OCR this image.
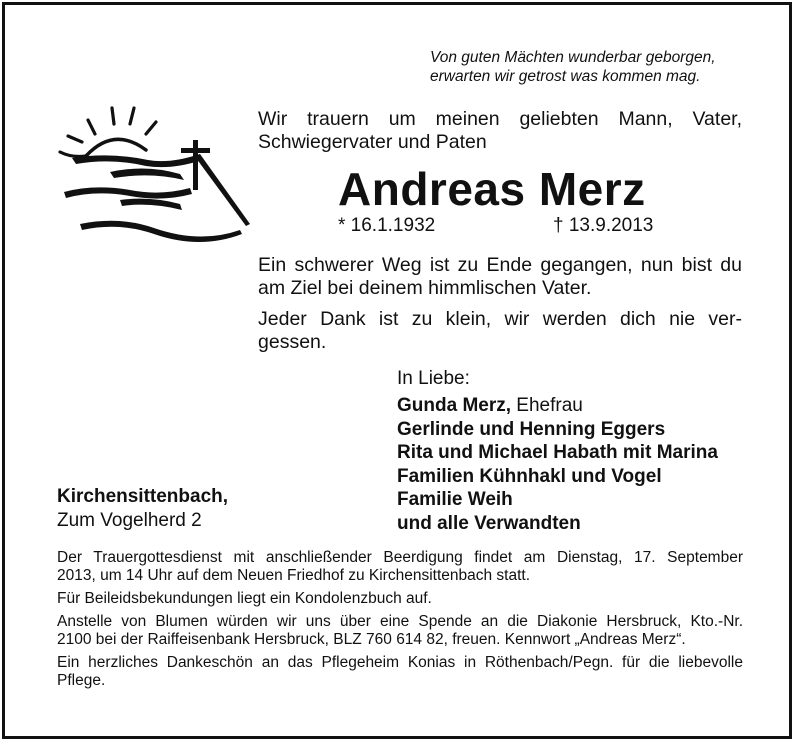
Von guten Mächten wunderbar geborgen,
erwarten wir getrost was kommen mag.
Wir trauern um meinen geliebten Mann, Vater,
Schwiegervater und Paten
Andreas Merz
* 16.1.1932	† 13.9.2013

Ein schwerer Weg ist zu Ende gegangen, nun bist du
am Ziel bei deinem himmlischen Vater.

Jeder Dank ist zu klein, wir werden dich nie ver-
gessen.

In Liebe:
Gunda Merz, Ehefrau
Gerlinde und Henning Eggers
Rita und Michael Habath mit Marina
Familien Kühnhakl und Vogel
Familie Weih
und alle Verwandten
Kirchensittenbach,
Zum Vogelherd 2

Der Trauergottesdienst mit anschließender Beerdigung findet am Dienstag, 17. September
2013, um 14 Uhr auf dem Neuen Friedhof zu Kirchensittenbach statt.

Für Beileidsbekundungen liegt ein Kondolenzbuch auf.

Anstelle von Blumen würden wir uns über eine Spende an die Diakonie Hersbruck, Kto.-Nr.
2100 bei der Raiffeisenbank Hersbruck, BLZ 760 614 82, freuen. Kennwort „Andreas Merz“.

Ein herzliches Dankeschön an das Pflegeheim Konias in Röthenbach/Pegn. für die liebevolle
Pflege.
